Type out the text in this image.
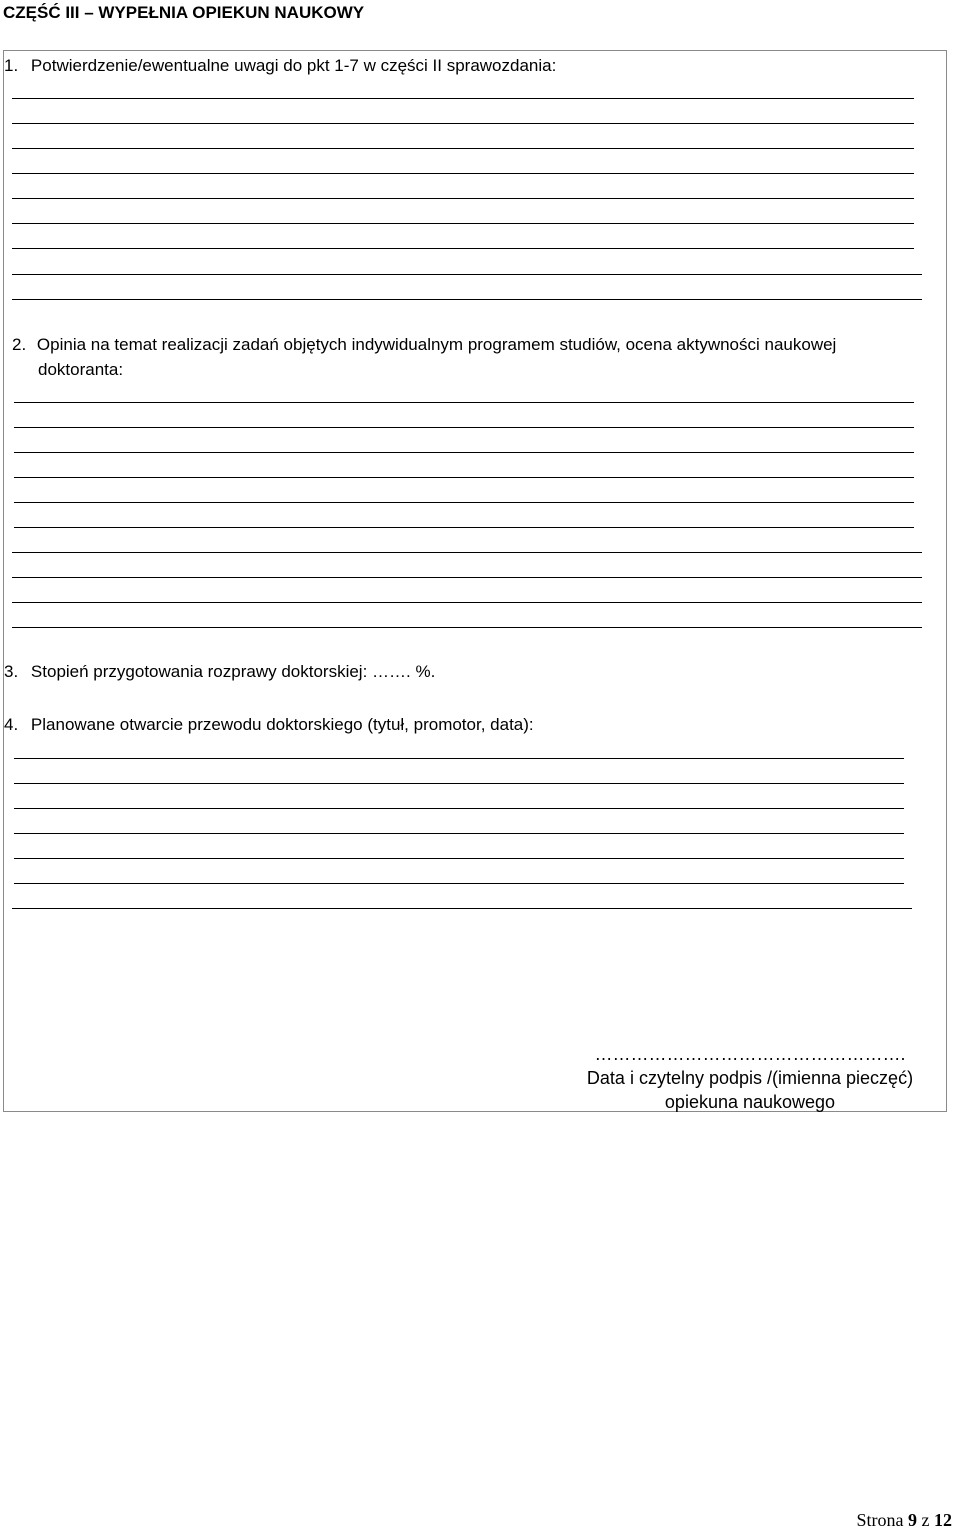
CZĘŚĆ III – WYPEŁNIA OPIEKUN NAUKOWY
1. Potwierdzenie/ewentualne uwagi do pkt 1-7 w części II sprawozdania:
2. Opinia na temat realizacji zadań objętych indywidualnym programem studiów, ocena aktywności naukowej
doktoranta:
3. Stopień przygotowania rozprawy doktorskiej: ……. %.
4. Planowane otwarcie przewodu doktorskiego (tytuł, promotor, data):
…………………………………………….
Data i czytelny podpis /(imienna pieczęć)
opiekuna naukowego
Strona 9 z 12
